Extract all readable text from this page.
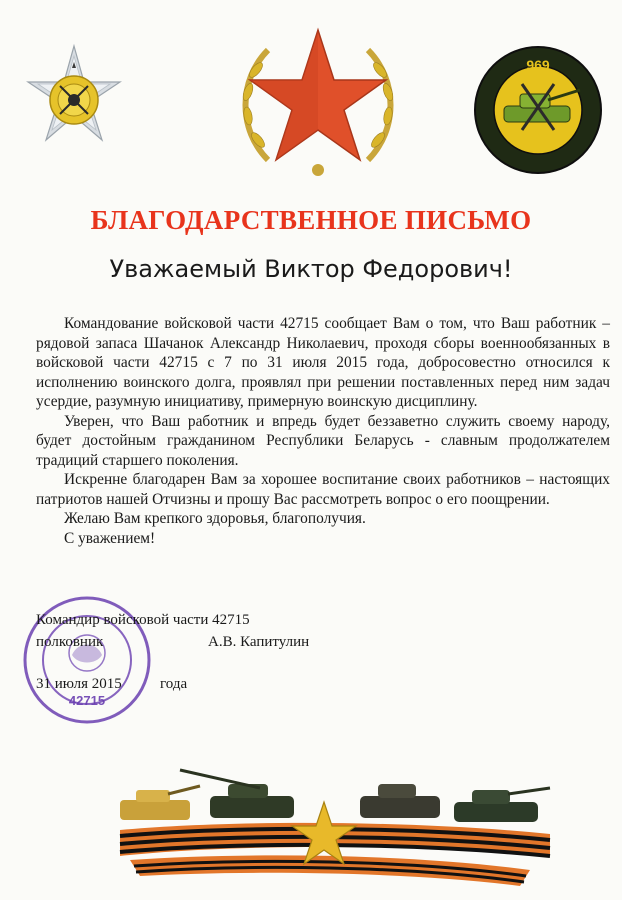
969
БЛАГОДАРСТВЕННОЕ ПИСЬМО
Уважаемый Виктор Федорович!

Командование войсковой части 42715 сообщает Вам о том, что Ваш работник – рядовой запаса Шачанок Александр Николаевич, проходя сборы военнообязанных в войсковой части 42715 с 7 по 31 июля 2015 года, добросовестно относился к исполнению воинского долга, проявлял при решении поставленных перед ним задач усердие, разумную инициативу, примерную воинскую дисциплину.

Уверен, что Ваш работник и впредь будет беззаветно служить своему народу, будет достойным гражданином Республики Беларусь - славным продолжателем традиций старшего поколения.

Искренне благодарен Вам за хорошее воспитание своих работников – настоящих патриотов нашей Отчизны и прошу Вас рассмотреть вопрос о его поощрении.

Желаю Вам крепкого здоровья, благополучия.

С уважением!

42715
Командир войсковой части 42715
полковник	А.В. Капитулин
31 июля 2015	года
